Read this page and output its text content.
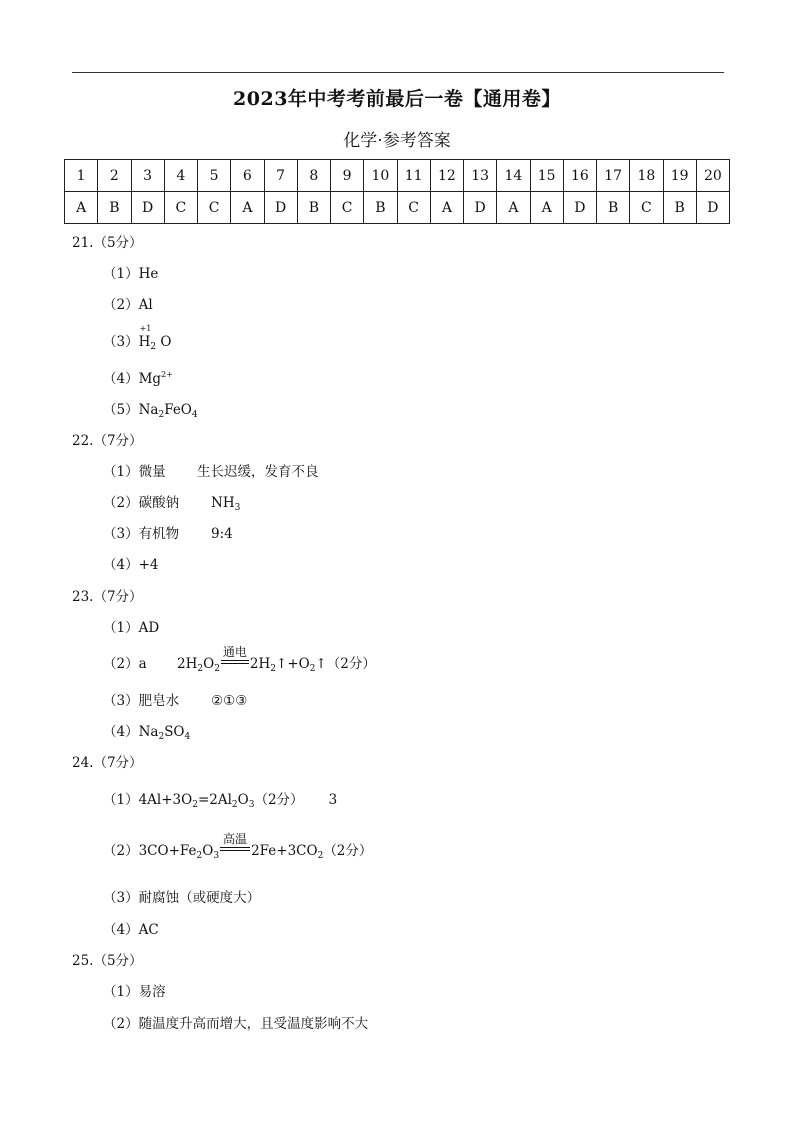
2023年中考考前最后一卷【通用卷】
化学·参考答案
1	2	3	4	5	6	7	8	9	10	11	12	13	14	15	16	17	18	19	20
A	B	D	C	C	A	D	B	C	B	C	A	D	A	A	D	B	C	B	D
21.（5分）
（1）He
（2）Al
（3）
+1
$H_2$ O
$(4)Mg^{2+}$
$(5)Na_2FeO_4$
22.（7分）
（1）微量 生长迟缓，发育不良
（2）碳酸钠 $NH_3$
（3）有机物 9:4
（4）+4
23.（7分）
（1）AD
（2）a $2H_2O_2$
通电
$2H_2↑+O_2↑(2$分）
（3）肥皂水 ②①③
$(4)Na_2SO_4$
24.（7分）
$(1)4Al+3O_2=2Al_2O_3(2$分） 3
$(2)3CO+Fe_2O_3$
高温
$2Fe+3CO_2(2$分）
（3）耐腐蚀（或硬度大）
（4）AC
25.（5分）
（1）易溶
（2）随温度升高而增大，且受温度影响不大
